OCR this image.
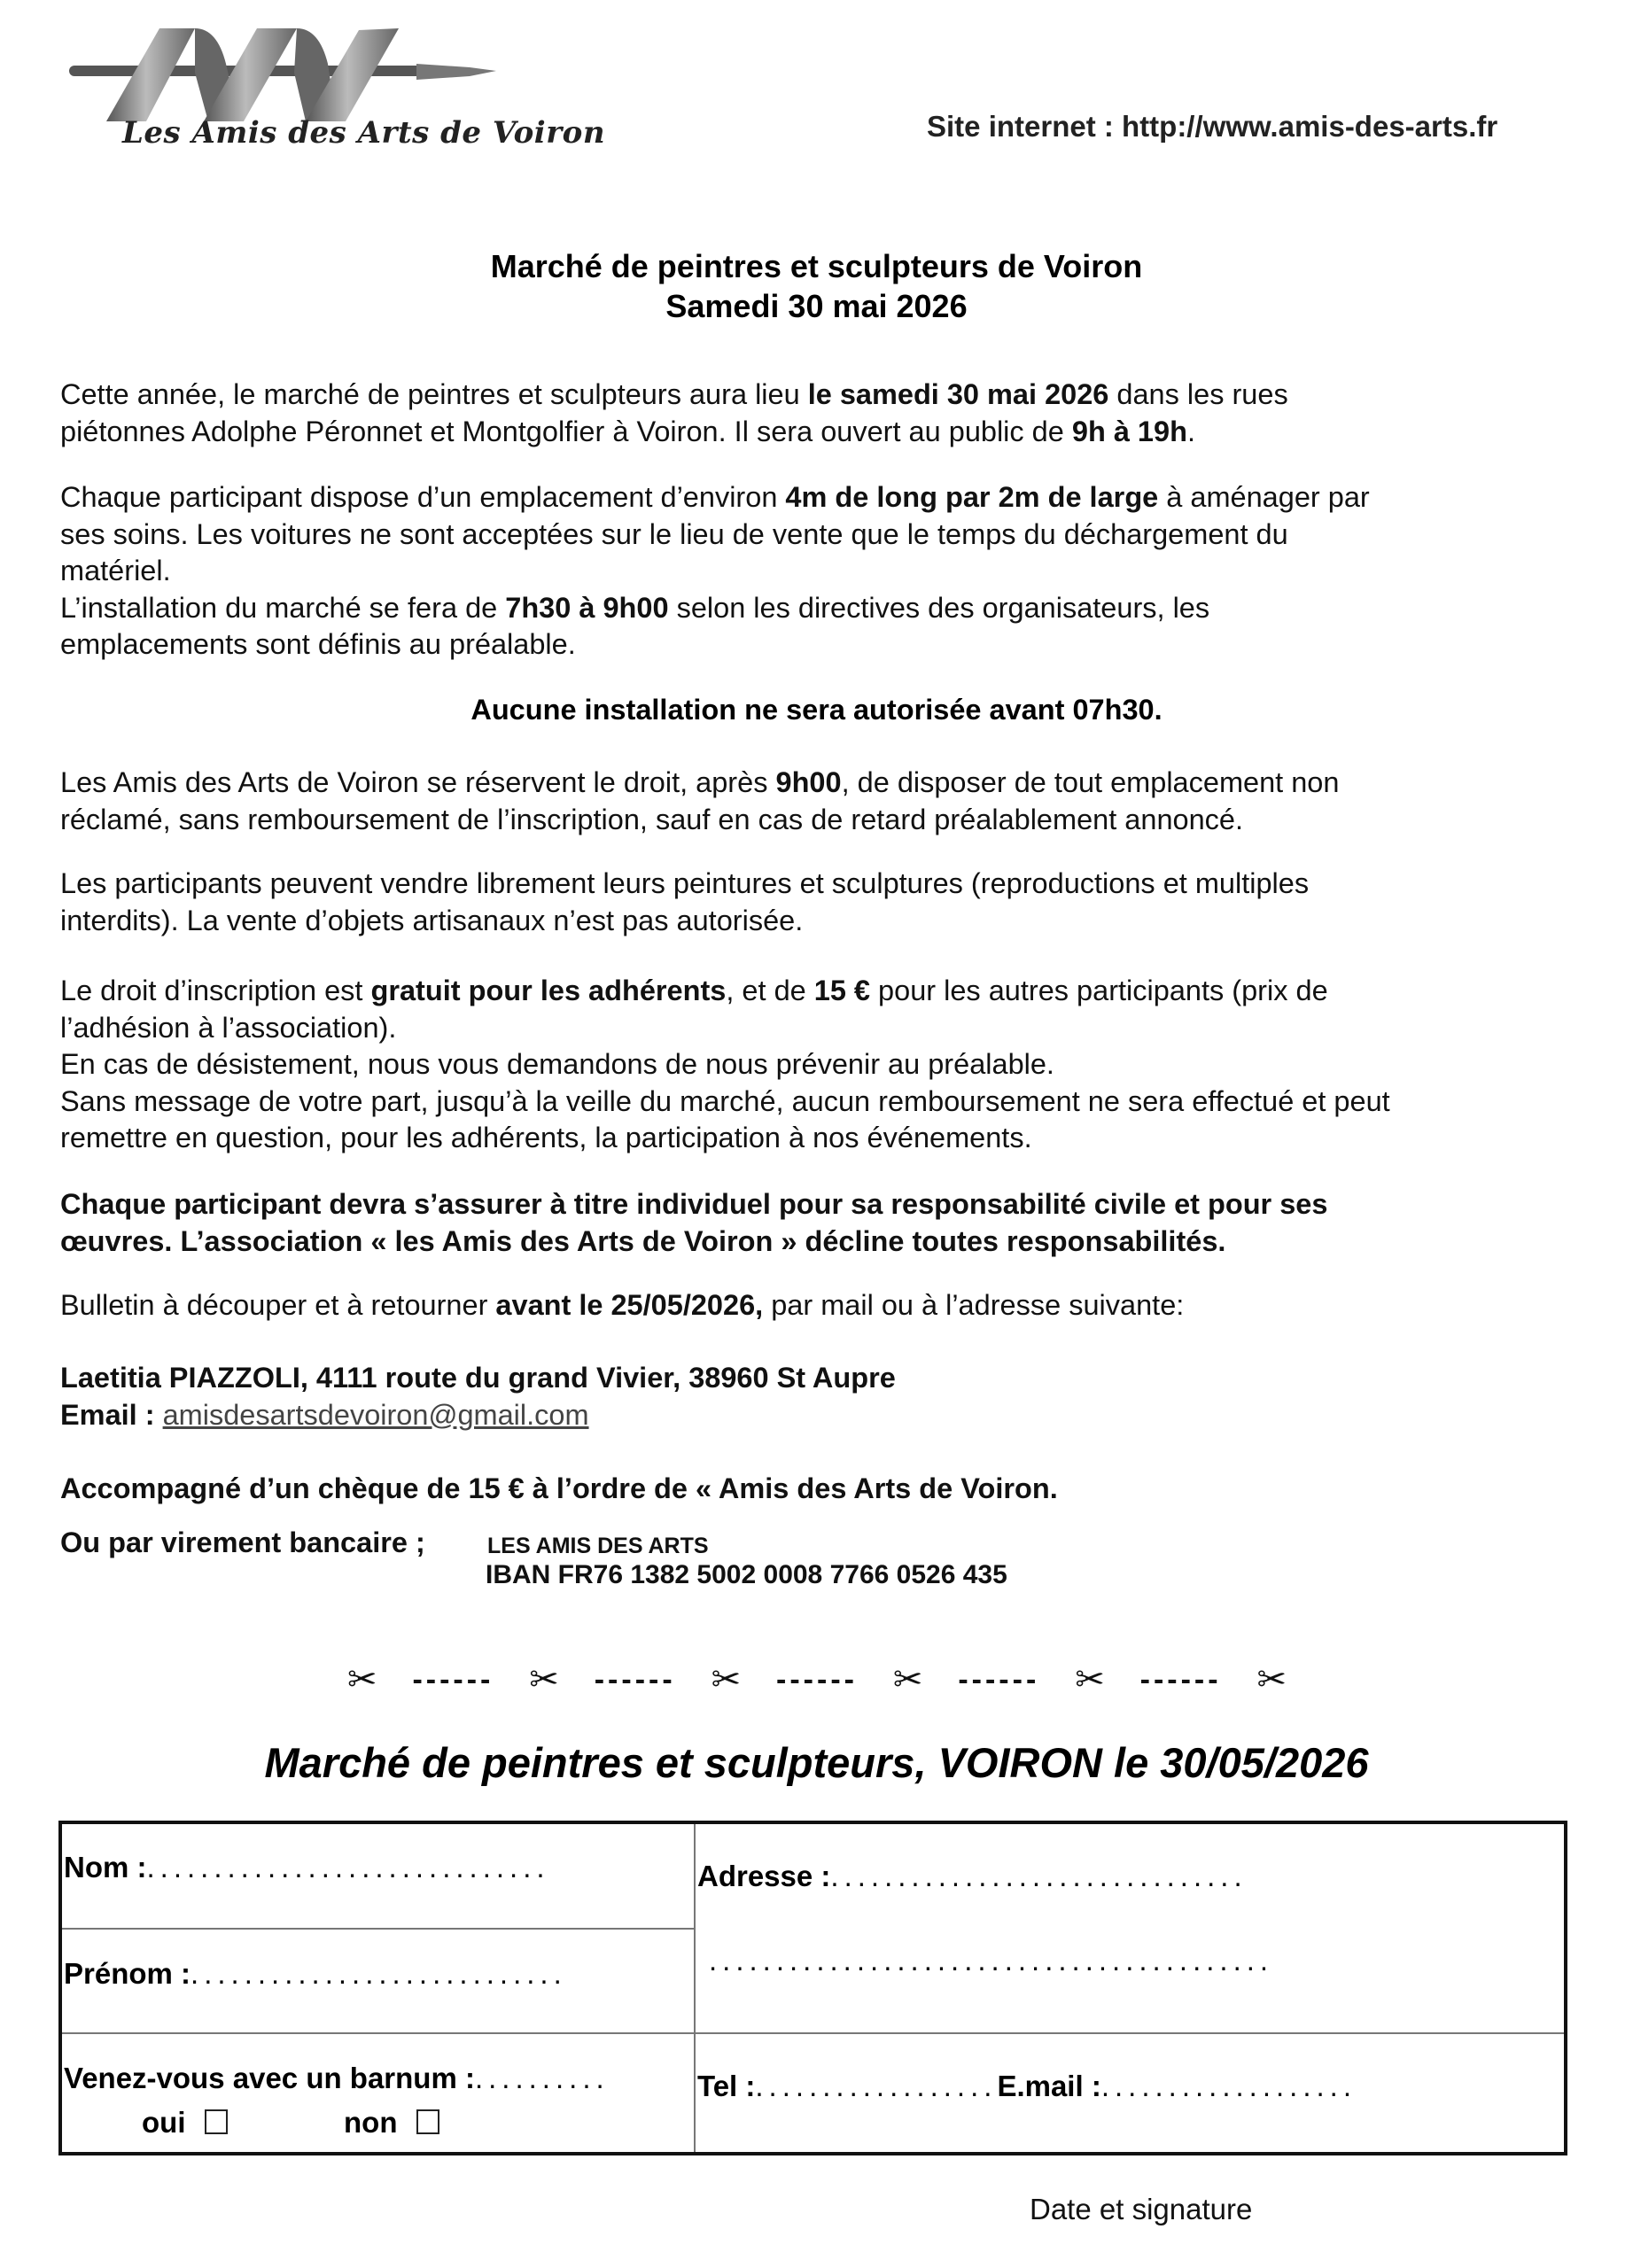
Les Amis des Arts de Voiron	Site internet : http://www.amis-des-arts.fr
Marché de peintres et sculpteurs de Voiron
Samedi 30 mai 2026
Cette année, le marché de peintres et sculpteurs aura lieu le samedi 30 mai 2026 dans les rues
piétonnes Adolphe Péronnet et Montgolfier à Voiron. Il sera ouvert au public de 9h à 19h.
Chaque participant dispose d’un emplacement d’environ 4m de long par 2m de large à aménager par
ses soins. Les voitures ne sont acceptées sur le lieu de vente que le temps du déchargement du
matériel.
L’installation du marché se fera de 7h30 à 9h00 selon les directives des organisateurs, les
emplacements sont définis au préalable.
Aucune installation ne sera autorisée avant 07h30.
Les Amis des Arts de Voiron se réservent le droit, après 9h00, de disposer de tout emplacement non
réclamé, sans remboursement de l’inscription, sauf en cas de retard préalablement annoncé.
Les participants peuvent vendre librement leurs peintures et sculptures (reproductions et multiples
interdits). La vente d’objets artisanaux n’est pas autorisée.
Le droit d’inscription est gratuit pour les adhérents, et de 15 € pour les autres participants (prix de
l’adhésion à l’association).
En cas de désistement, nous vous demandons de nous prévenir au préalable.
Sans message de votre part, jusqu’à la veille du marché, aucun remboursement ne sera effectué et peut
remettre en question, pour les adhérents, la participation à nos événements.
Chaque participant devra s’assurer à titre individuel pour sa responsabilité civile et pour ses
œuvres. L’association « les Amis des Arts de Voiron » décline toutes responsabilités.
Bulletin à découper et à retourner avant le 25/05/2026, par mail ou à l’adresse suivante:
Laetitia PIAZZOLI, 4111 route du grand Vivier, 38960 St Aupre
Email : amisdesartsdevoiron@gmail.com
Accompagné d’un chèque de 15 € à l’ordre de « Amis des Arts de Voiron.
Ou par virement bancaire ;	LES AMIS DES ARTS
IBAN FR76 1382 5002 0008 7766 0526 435
✂ ------ ✂ ------ ✂ ------ ✂ ------ ✂ ------ ✂
Marché de peintres et sculpteurs, VOIRON le 30/05/2026
Nom :..............................
Prénom :............................
Adresse :...............................
..........................................
Venez-vous avec un barnum :..........
oui	non
Tel :..................E.mail :...................
Date et signature
